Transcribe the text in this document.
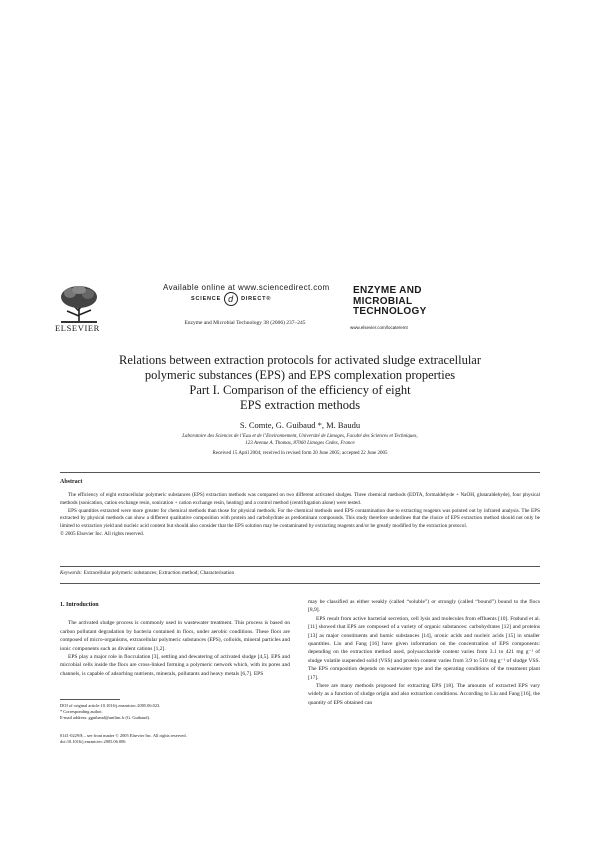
ELSEVIER
Available online at www.sciencedirect.com
SCIENCE d	DIRECT®
Enzyme and Microbial Technology 38 (2006) 237–245
ENZYME AND
MICROBIAL
TECHNOLOGY
www.elsevier.com/locate/emt
Relations between extraction protocols for activated sludge extracellular
polymeric substances (EPS) and EPS complexation properties
Part I. Comparison of the efficiency of eight
EPS extraction methods
S. Comte, G. Guibaud *, M. Baudu
Laboratoire des Sciences de l’Eau et de l’Environnement, Université de Limoges, Faculté des Sciences et Techniques,
123 Avenue A. Thomas, 87060 Limoges Cedex, France
Received 15 April 2004; received in revised form 20 June 2005; accepted 22 June 2005
Abstract

The efficiency of eight extracellular polymeric substances (EPS) extraction methods was compared on two different activated sludges. Three chemical methods (EDTA, formaldehyde + NaOH, glutaraldehyde), four physical methods (sonication, cation exchange resin, sonication + cation exchange resin, heating) and a control method (centrifugation alone) were tested.

EPS quantities extracted were more greater for chemical methods than those for physical methods. For the chemical methods used EPS contamination due to extracting reagents was pointed out by infrared analysis. The EPS extracted by physical methods can show a different qualitative composition with protein and carbohydrate as predominant compounds. This study therefore underlines that the choice of EPS extraction method should not only be limited to extraction yield and nucleic acid content but should also consider that the EPS solution may be contaminated by extracting reagents and/or be greatly modified by the extraction protocol.

© 2005 Elsevier Inc. All rights reserved.

Keywords: Extracellular polymeric substances; Extraction method; Characterisation
1. Introduction

The activated sludge process is commonly used in wastewater treatment. This process is based on carbon pollutant degradation by bacteria contained in flocs, under aerobic conditions. These flocs are composed of micro-organisms, extracellular polymeric substances (EPS), colloids, mineral particles and ionic components such as divalent cations [1,2].

EPS play a major role in flocculation [3], settling and dewatering of activated sludge [4,5]. EPS and microbial cells inside the flocs are cross-linked forming a polymeric network which, with its pores and channels, is capable of adsorbing nutrients, minerals, pollutants and heavy metals [6,7]. EPS

may be classified as either weakly (called “soluble”) or strongly (called “bound”) bound to the flocs [8,9].

EPS result from active bacterial secretion, cell lysis and molecules from effluents [10]. Frølund et al. [11] showed that EPS are composed of a variety of organic substances: carbohydrates [12] and proteins [13] as major constituents and humic substances [14], uronic acids and nucleic acids [15] in smaller quantities. Liu and Fang [16] have given information on the concentration of EPS components: depending on the extraction method used, polysaccharide content varies from 3.1 to 421 mg g⁻¹ of sludge volatile suspended solid (VSS) and protein content varies from 3.9 to 510 mg g⁻¹ of sludge VSS. The EPS composition depends on wastewater type and the operating conditions of the treatment plant [17].

There are many methods proposed for extracting EPS [18]. The amounts of extracted EPS vary widely as a function of sludge origin and also extraction conditions. According to Liu and Fang [16], the quantity of EPS obtained can

DOI of original article:10.1016/j.enzmictec.2005.06.023.
* Corresponding author.
E-mail address: gguibaud@unilim.fr (G. Guibaud).
0141-0229/$ – see front matter © 2005 Elsevier Inc. All rights reserved.
doi:10.1016/j.enzmictec.2005.06.006
